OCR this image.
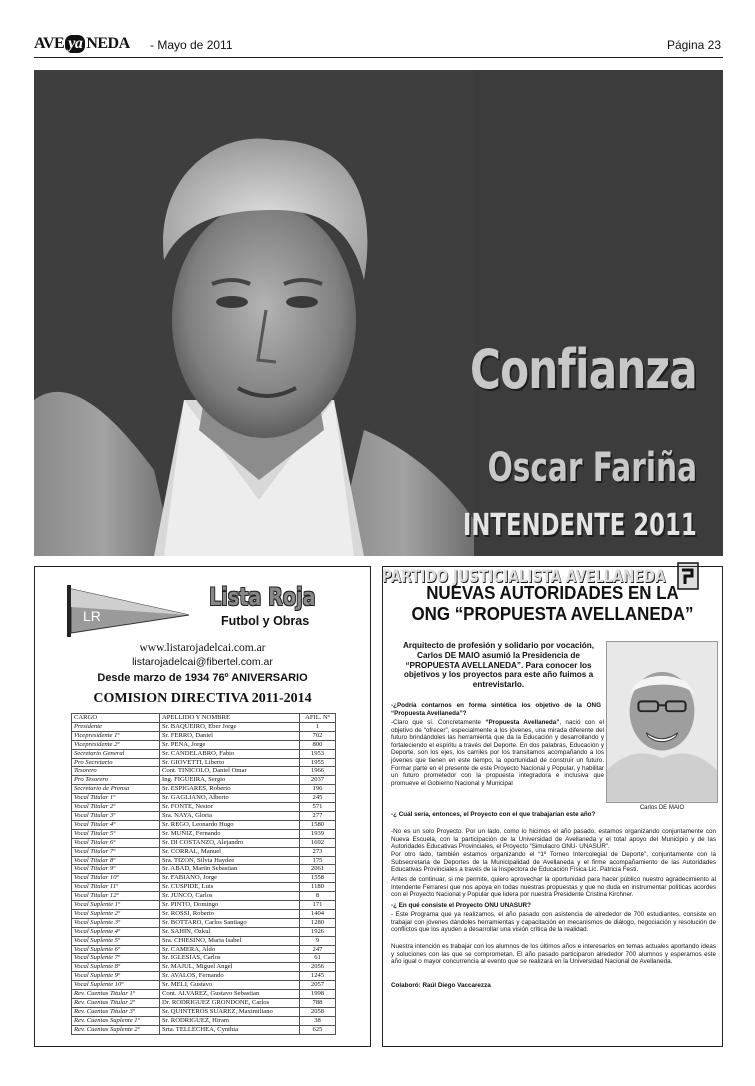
AVE ya NEDA - Mayo de 2011	Página 23
Confianza
Oscar Fariña
INTENDENTE 2011
PARTIDO JUSTICIALISTA AVELLANEDA
LR
Lista Roja
Futbol y Obras
www.listarojadelcai.com.ar
listarojadelcai@fibertel.com.ar
Desde marzo de 1934 76º ANIVERSARIO
COMISION DIRECTIVA 2011-2014
CARGO	APELLIDO Y NOMBRE	AFIL. Nº
Presidente	Sr. BAQUEIRO, Eber Jorge	1
Vicepresidente 1º	Sr. FERRO, Daniel	702
Vicepresidente 2º	Sr. PENA, Jorge	800
Secretario General	Sr. CANDELABRO, Fabio	1953
Pro Secretario	Sr. GIOVETTI, Liberto	1955
Tesorero	Cont. TINICOLO, Daniel Omar	1966
Pro Tesorero	Ing. FIGUEIRA, Sergio	2037
Secretario de Prensa	Sr. ESPIGARES, Roberto	196
Vocal Titular 1º	Sr. GAGLIANO, Alberto	245
Vocal Titular 2º	Sr. FONTE, Nestor	571
Vocal Titular 3º	Sra. NAYA, Gloria	277
Vocal Titular 4º	Sr. REGO, Leonardo Hugo	1580
Vocal Titular 5º	Sr. MUÑIZ, Fernando	1939
Vocal Titular 6º	Sr. DI COSTANZO, Alejandro	1692
Vocal Titular 7º	Sr. CORRAL, Manuel	273
Vocal Titular 8º	Sra. TIZON, Silvia Haydee	175
Vocal Titular 9º	Sr. ABAD, Martin Sebastian	2061
Vocal Titular 10º	Sr. FABIANO, Jorge	1558
Vocal Titular 11º	Sr. CUSPIDE, Luis	1180
Vocal Titular 12º	Sr. JUNCO, Carlos	8
Vocal Suplente 1º	Sr. PINTO, Domingo	171
Vocal Suplente 2º	Sr. ROSSI, Roberto	1404
Vocal Suplente 3º	Sr. BOTTARO, Carlos Santiago	1280
Vocal Suplente 4º	Sr. SAHIN, Ozkul	1926
Vocal Suplente 5º	Sra. CHIESINO, Maria Isabel	9
Vocal Suplente 6º	Sr. CAMERA, Aldo	247
Vocal Suplente 7º	Sr. IGLESIAS, Carlos	61
Vocal Suplente 8º	Sr. MAJUL, Miguel Angel	2056
Vocal Suplente 9º	Sr. AVALOS, Fernando	1245
Vocal Suplente 10º	Sr. MELI, Gustavo	2057
Rev. Cuentas Titular 1º	Cont. ALVAREZ, Gustavo Sebastian	1998
Rev. Cuentas Titular 2º	Dr. RODRIGUEZ GRONDONE, Carlos	788
Rev. Cuentas Titular 3º	Sr. QUINTEROS SUAREZ, Maximiliano	2058
Rev. Cuentas Suplente 1º	Sr. RODRIGUEZ, Hiram	38
Rev. Cuentas Suplente 2º	Srta. TELLECHEA, Cynthia	625
NUEVAS AUTORIDADES EN LA
ONG “PROPUESTA AVELLANEDA”
Arquitecto de profesión y solidario por vocación, Carlos DE MAIO asumió la Presidencia de “PROPUESTA AVELLANEDA”. Para conocer los objetivos y los proyectos para este año fuimos a entrevistarlo.
Carlos DE MAIO
-¿Podría contarnos en forma sintética los objetivo de la ONG “Propuesta Avellaneda”?
-Claro que sí. Concretamente “Propuesta Avellaneda”, nació con el objetivo de “ofrecer”, especialmente a los jóvenes, una mirada diferente del futuro brindándoles las herramienta que da la Educación y desarrollando y fortaleciendo el espíritu a través del Deporte. En dos palabras, Educación y Deporte, son los ejes, los carriles por los transitamos acompañando a los jóvenes que tienen en este tiempo, la oportunidad de construir un futuro. Formar parte en el presente de este Proyecto Nacional y Popular, y habilitar un futuro prometedor con la propuesta integradora e inclusiva que promueve el Gobierno Nacional y Municipal
-¿ Cuál sería, entonces, el Proyecto con el que trabajarían este año?
-No es un solo Proyecto. Por un lado, como lo hicimos el año pasado, estamos organizando conjuntamente con Nueva Escuela, con la participación de la Universidad de Avellaneda y el total apoyo del Municipio y de las Autoridades Educativas Provinciales, el Proyecto “Simulacro ONU- UNASUR”.
Por otro lado, también estamos organizando el “1º Torneo Intercolegial de Deporte”, conjuntamente con la Subsecretaria de Deportes de la Municipalidad de Avellaneda y el firme acompañamiento de las Autoridades Educativas Provinciales a través de la Inspectora de Educación Física Lic. Patricia Festi.
Antes de continuar, si me permite, quiero aprovechar la oportunidad para hacer público nuestro agradecimiento al Intendente Ferraresi que nos apoya en todas nuestras propuestas y que no duda en instrumentar políticas acordes con el Proyecto Nacional y Popular que lidera por nuestra Presidente Cristina Kirchner.
-¿ En qué consiste el Proyecto ONU UNASUR?
- Este Programa que ya realizamos, el año pasado con asistencia de alrededor de 700 estudiantes, consiste en trabajar con jóvenes dándoles herramientas y capacitación en mecanismos de diálogo, negociación y resolución de conflictos que los ayuden a desarrollar una visión crítica de la realidad.
Nuestra intención es trabajar con los alumnos de los últimos años e interesarlos en temas actuales aportando ideas y soluciones con las que se comprometan. El año pasado participaron alrededor 700 alumnos y esperamos este año igual o mayor concurrencia al evento que se realizará en la Universidad Nacional de Avellaneda.
Colaboró: Raúl Diego Vaccarezza
